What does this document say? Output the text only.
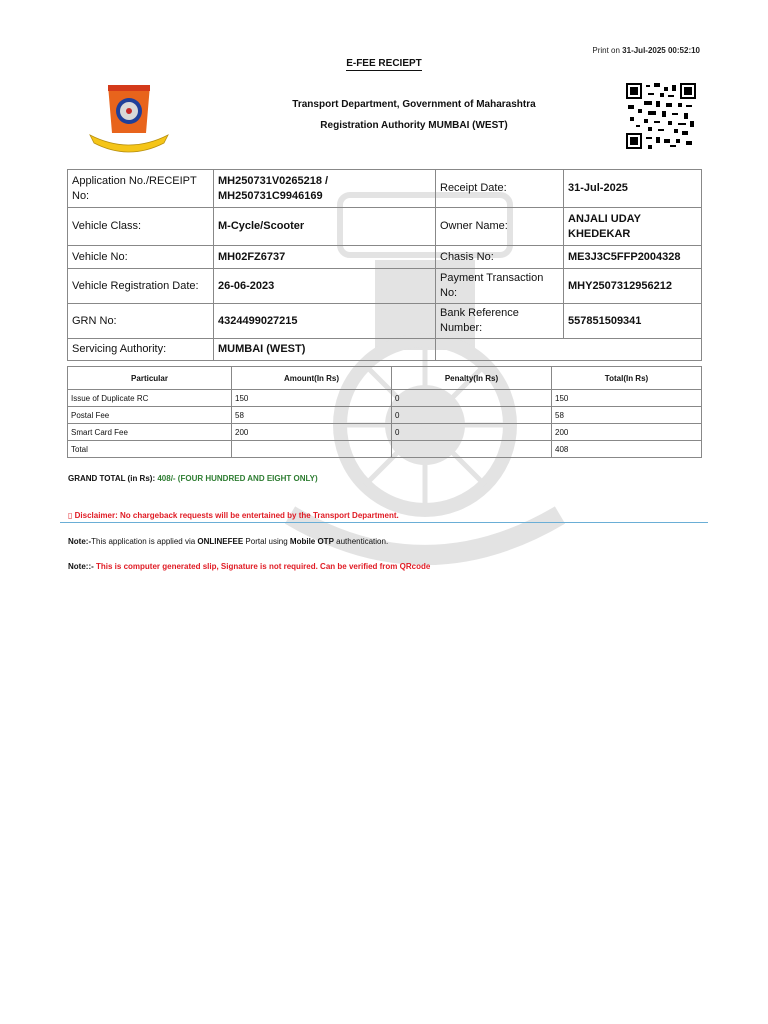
Print on 31-Jul-2025 00:52:10
E-FEE RECIEPT
Transport Department, Government of Maharashtra
Registration Authority MUMBAI (WEST)
Application No./RECEIPT No:	MH250731V0265218 / MH250731C9946169	Receipt Date:	31-Jul-2025
Vehicle Class:	M-Cycle/Scooter	Owner Name:	ANJALI UDAY KHEDEKAR
Vehicle No:	MH02FZ6737	Chasis No:	ME3J3C5FFP2004328
Vehicle Registration Date:	26-06-2023	Payment Transaction No:	MHY2507312956212
GRN No:	4324499027215	Bank Reference Number:	557851509341
Servicing Authority:	MUMBAI (WEST)		
Particular	Amount(In Rs)	Penalty(In Rs)	Total(In Rs)
Issue of Duplicate RC	150	0	150
Postal Fee	58	0	58
Smart Card Fee	200	0	200
Total			408
GRAND TOTAL (in Rs): 408/- (FOUR HUNDRED AND EIGHT ONLY)
▯ Disclaimer: No chargeback requests will be entertained by the Transport Department.
Note:-This application is applied via ONLINEFEE Portal using Mobile OTP authentication.
Note::- This is computer generated slip, Signature is not required. Can be verified from QRcode
